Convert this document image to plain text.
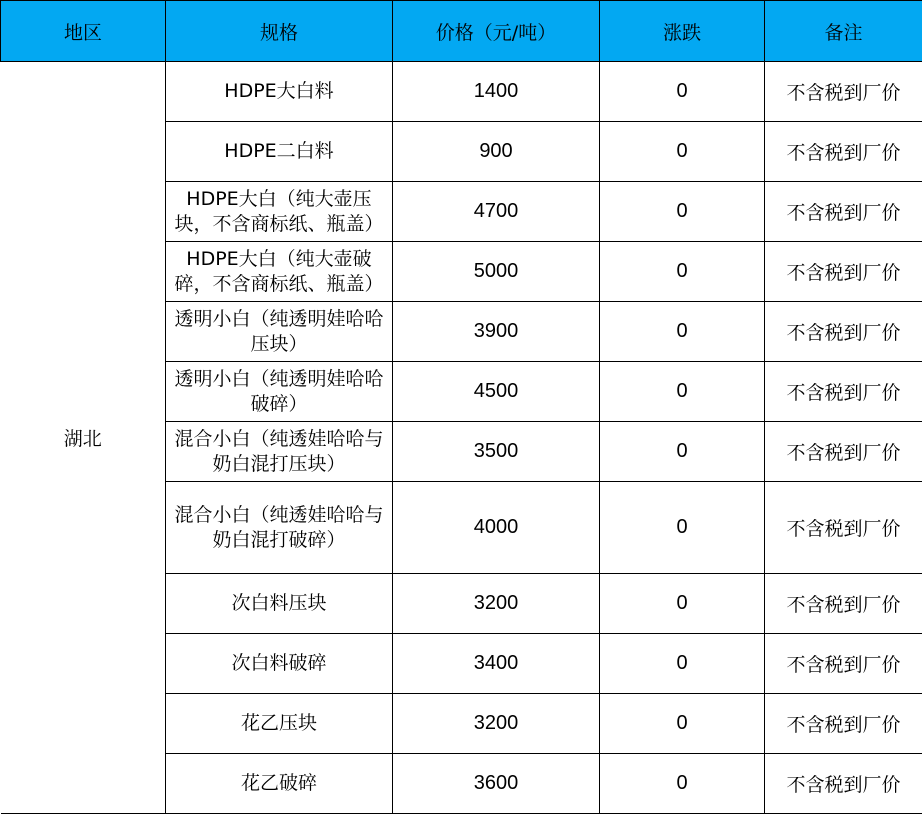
地区	规格	价格（元/吨）	涨跌	备注
湖北	HDPE大白料	1400	0	不含税到厂价

	HDPE二白料	900	0	不含税到厂价

	HDPE大白（纯大壶压块，不含商标纸、瓶盖）	4700	0	不含税到厂价

	HDPE大白（纯大壶破碎，不含商标纸、瓶盖）	5000	0	不含税到厂价

	透明小白（纯透明娃哈哈压块）	3900	0	不含税到厂价

	透明小白（纯透明娃哈哈破碎）	4500	0	不含税到厂价

	混合小白（纯透娃哈哈与奶白混打压块）	3500	0	不含税到厂价

	混合小白（纯透娃哈哈与奶白混打破碎）	4000	0	不含税到厂价

	次白料压块	3200	0	不含税到厂价

	次白料破碎	3400	0	不含税到厂价

	花乙压块	3200	0	不含税到厂价

	花乙破碎	3600	0	不含税到厂价
